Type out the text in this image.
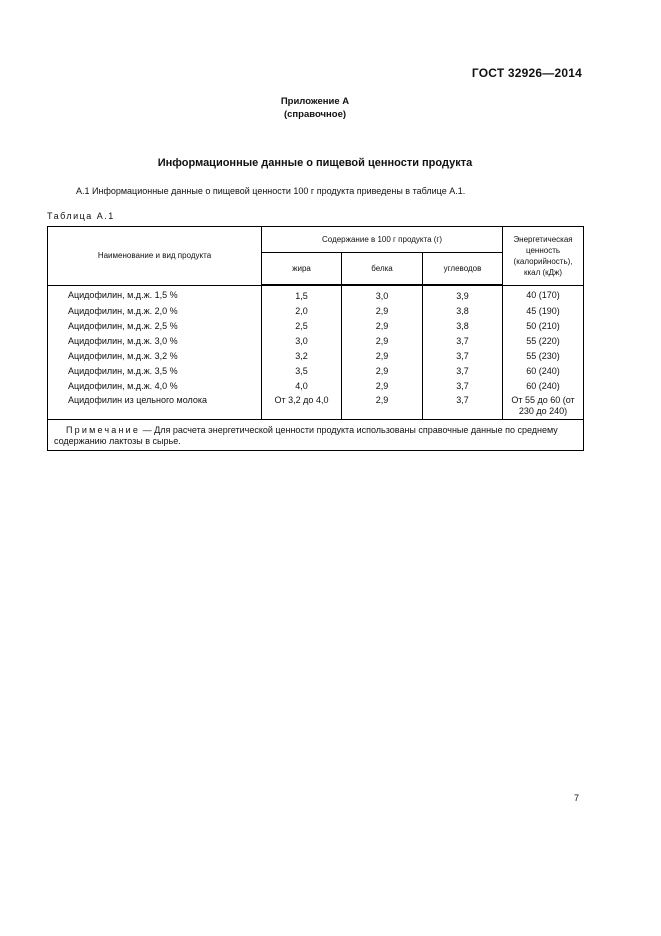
ГОСТ 32926—2014
Приложение А
(справочное)
Информационные данные о пищевой ценности продукта
А.1 Информационные данные о пищевой ценности 100 г продукта приведены в таблице А.1.
Таблица А.1
Наименование и вид продукта	Содержание в 100 г продукта (г)			Энергетическая ценность (калорийность), ккал (кДж)
	жира	белка	углеводов	
Ацидофилин, м.д.ж. 1,5 %	1,5	3,0	3,9	40 (170)
Ацидофилин, м.д.ж. 2,0 %	2,0	2,9	3,8	45 (190)
Ацидофилин, м.д.ж. 2,5 %	2,5	2,9	3,8	50 (210)
Ацидофилин, м.д.ж. 3,0 %	3,0	2,9	3,7	55 (220)
Ацидофилин, м.д.ж. 3,2 %	3,2	2,9	3,7	55 (230)
Ацидофилин, м.д.ж. 3,5 %	3,5	2,9	3,7	60 (240)
Ацидофилин, м.д.ж. 4,0 %	4,0	2,9	3,7	60 (240)
Ацидофилин из цельного молока	От 3,2 до 4,0	2,9	3,7	От 55 до 60 (от 230 до 240)
Примечание — Для расчета энергетической ценности продукта использованы справочные данные по среднему содержанию лактозы в сырье.				
7
